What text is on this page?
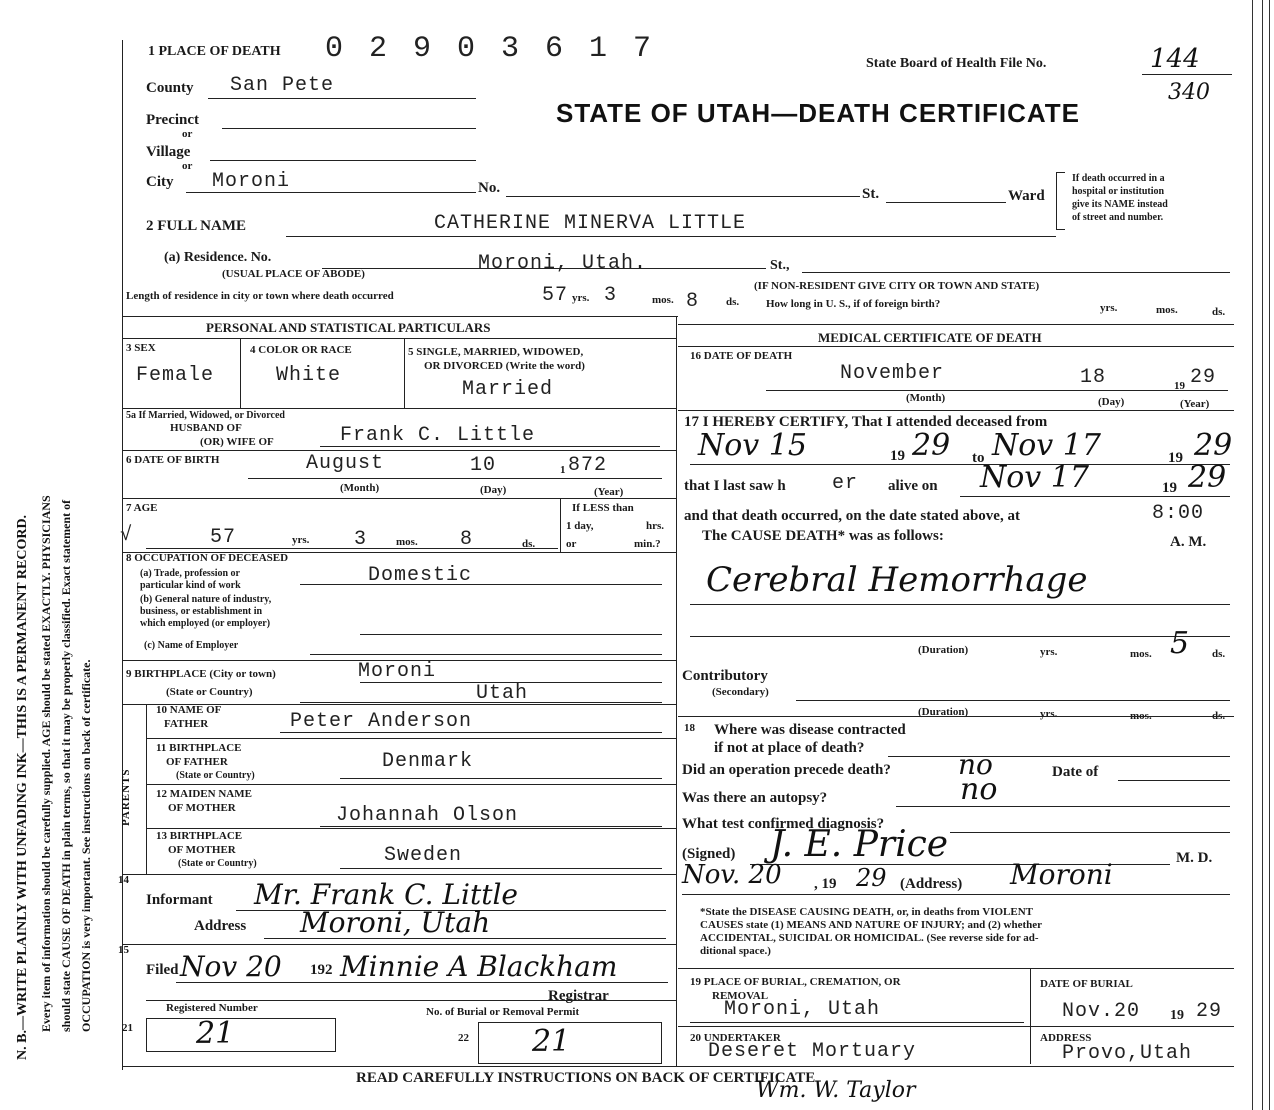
N. B.—WRITE PLAINLY WITH UNFADING INK—THIS IS A PERMANENT RECORD. Every item of information should be carefully supplied. AGE should be stated EXACTLY. PHYSICIANS should state CAUSE OF DEATH in plain terms, so that it may be properly classified. Exact statement of OCCUPATION is very important. See instructions on back of certificate.
1 PLACE OF DEATH 0 2 9 0 3 6 1 7	State Board of Health File No.	144
340
County San Pete
STATE OF UTAH—DEATH CERTIFICATE
Precinct
or
Village
or
City Moroni	No.	St.	Ward
If death occurred in a
hospital or institution
give its NAME instead
of street and number.
2 FULL NAME	CATHERINE MINERVA LITTLE
(a) Residence. No.
(USUAL PLACE OF ABODE)	Moroni, Utah.	St.,
(IF NON-RESIDENT GIVE CITY OR TOWN AND STATE)
Length of residence in city or town where death occurred	57 yrs. 3	mos. 8 ds. How long in U. S., if of foreign birth?	yrs.	mos.	ds.
PERSONAL AND STATISTICAL PARTICULARS
3 SEX
Female
4 COLOR OR RACE
White
5 SINGLE, MARRIED, WIDOWED,
OR DIVORCED (Write the word)
Married
5a If Married, Widowed, or Divorced
HUSBAND OF
(OR) WIFE OF	Frank C. Little
6 DATE OF BIRTH	August	10	1 872
(Month)	(Day)	(Year)
7 AGE
√	57	yrs. 3	mos. 8	ds.
If LESS than
1 day,	hrs.
or	min.?
8 OCCUPATION OF DECEASED
(a) Trade, profession or
particular kind of work	Domestic
(b) General nature of industry,
business, or establishment in
which employed (or employer)
(c) Name of Employer
9 BIRTHPLACE (City or town)	Moroni
(State or Country)	Utah
PARENTS
10 NAME OF
FATHER	Peter Anderson
11 BIRTHPLACE
OF FATHER
(State or Country)
Denmark
12 MAIDEN NAME
OF MOTHER	Johannah Olson
13 BIRTHPLACE
OF MOTHER
(State or Country)	Sweden
14
Informant Mr. Frank C. Little
Address Moroni, Utah
15
Filed Nov 20 192 Minnie A Blackham
Registrar
Registered Number	No. of Burial or Removal Permit
21 21	22 21
MEDICAL CERTIFICATE OF DEATH
16 DATE OF DEATH
November	18	19 29
(Month)	(Day)	(Year)
17 I HEREBY CERTIFY, That I attended deceased from
Nov 15	19 29 to Nov 17	19 29
that I last saw h er alive on Nov 17	19 29
and that death occurred, on the date stated above, at	8:00
The CAUSE DEATH* was as follows:	A. M.
Cerebral Hemorrhage
(Duration)	yrs.	mos. 5 ds.
Contributory
(Secondary)
(Duration)	yrs.	mos.	ds.
18 Where was disease contracted
if not at place of death?
Did an operation precede death? no	Date of
Was there an autopsy?	no
What test confirmed diagnosis?
(Signed) J. E. Price	M. D.
Nov. 20 , 19 29 (Address) Moroni
*State the DISEASE CAUSING DEATH, or, in deaths from VIOLENT
CAUSES state (1) MEANS AND NATURE OF INJURY; and (2) whether
ACCIDENTAL, SUICIDAL OR HOMICIDAL. (See reverse side for ad-
ditional space.)
19 PLACE OF BURIAL, CREMATION, OR
REMOVAL
Moroni, Utah
DATE OF BURIAL
Nov.20 19 29
20 UNDERTAKER
Deseret Mortuary
ADDRESS
Provo,Utah
READ CAREFULLY INSTRUCTIONS ON BACK OF CERTIFICATE
Wm. W. Taylor
